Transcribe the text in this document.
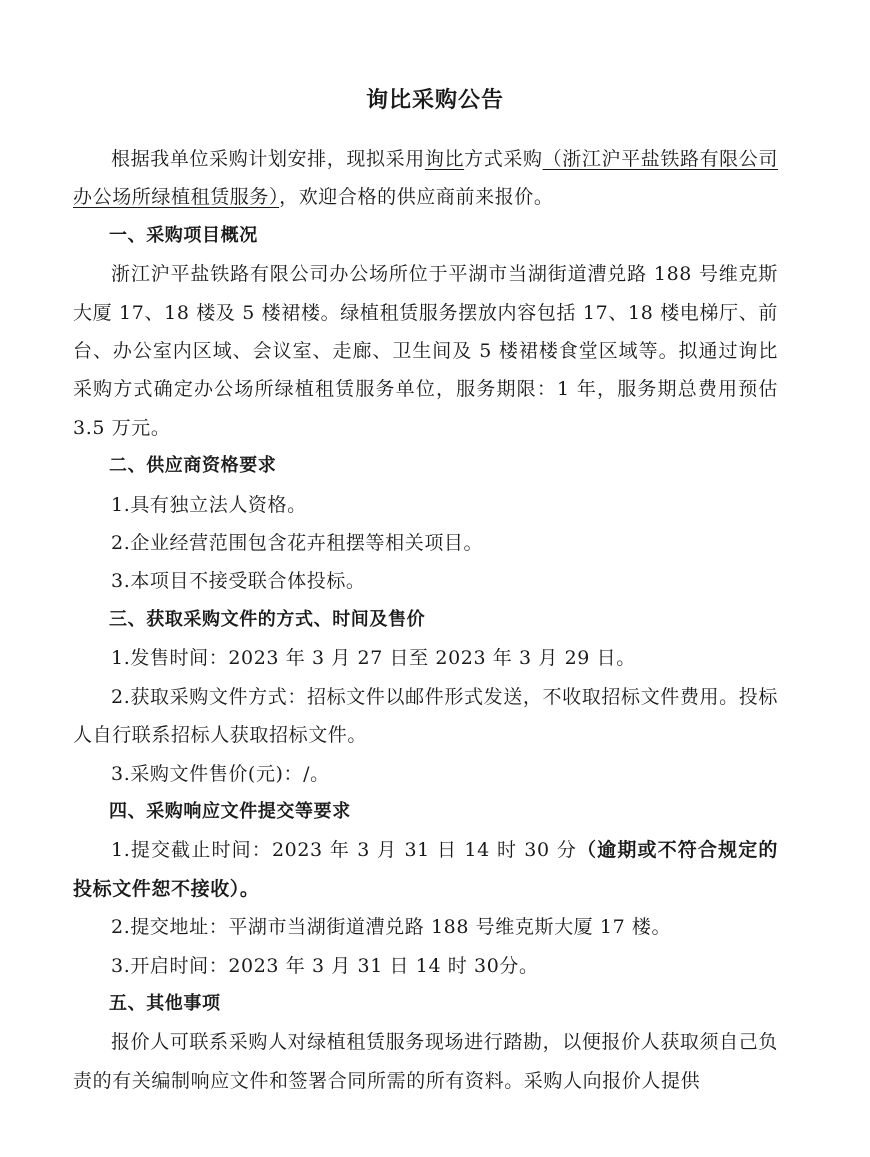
询比采购公告

根据我单位采购计划安排，现拟采用询比方式采购（浙江沪平盐铁路有限公司办公场所绿植租赁服务），欢迎合格的供应商前来报价。

一、采购项目概况

浙江沪平盐铁路有限公司办公场所位于平湖市当湖街道漕兑路 188 号维克斯大厦 17、18 楼及 5 楼裙楼。绿植租赁服务摆放内容包括 17、18 楼电梯厅、前台、办公室内区域、会议室、走廊、卫生间及 5 楼裙楼食堂区域等。拟通过询比采购方式确定办公场所绿植租赁服务单位，服务期限：1 年，服务期总费用预估 3.5 万元。

二、供应商资格要求

1.具有独立法人资格。

2.企业经营范围包含花卉租摆等相关项目。

3.本项目不接受联合体投标。

三、获取采购文件的方式、时间及售价

1.发售时间：2023 年 3 月 27 日至 2023 年 3 月 29 日。

2.获取采购文件方式：招标文件以邮件形式发送，不收取招标文件费用。投标人自行联系招标人获取招标文件。

3.采购文件售价(元)：/。

四、采购响应文件提交等要求

1.提交截止时间：2023 年 3 月 31 日 14 时 30 分（逾期或不符合规定的投标文件恕不接收）。

2.提交地址：平湖市当湖街道漕兑路 188 号维克斯大厦 17 楼。

3.开启时间：2023 年 3 月 31 日 14 时 30分。

五、其他事项

报价人可联系采购人对绿植租赁服务现场进行踏勘，以便报价人获取须自己负责的有关编制响应文件和签署合同所需的所有资料。采购人向报价人提供
